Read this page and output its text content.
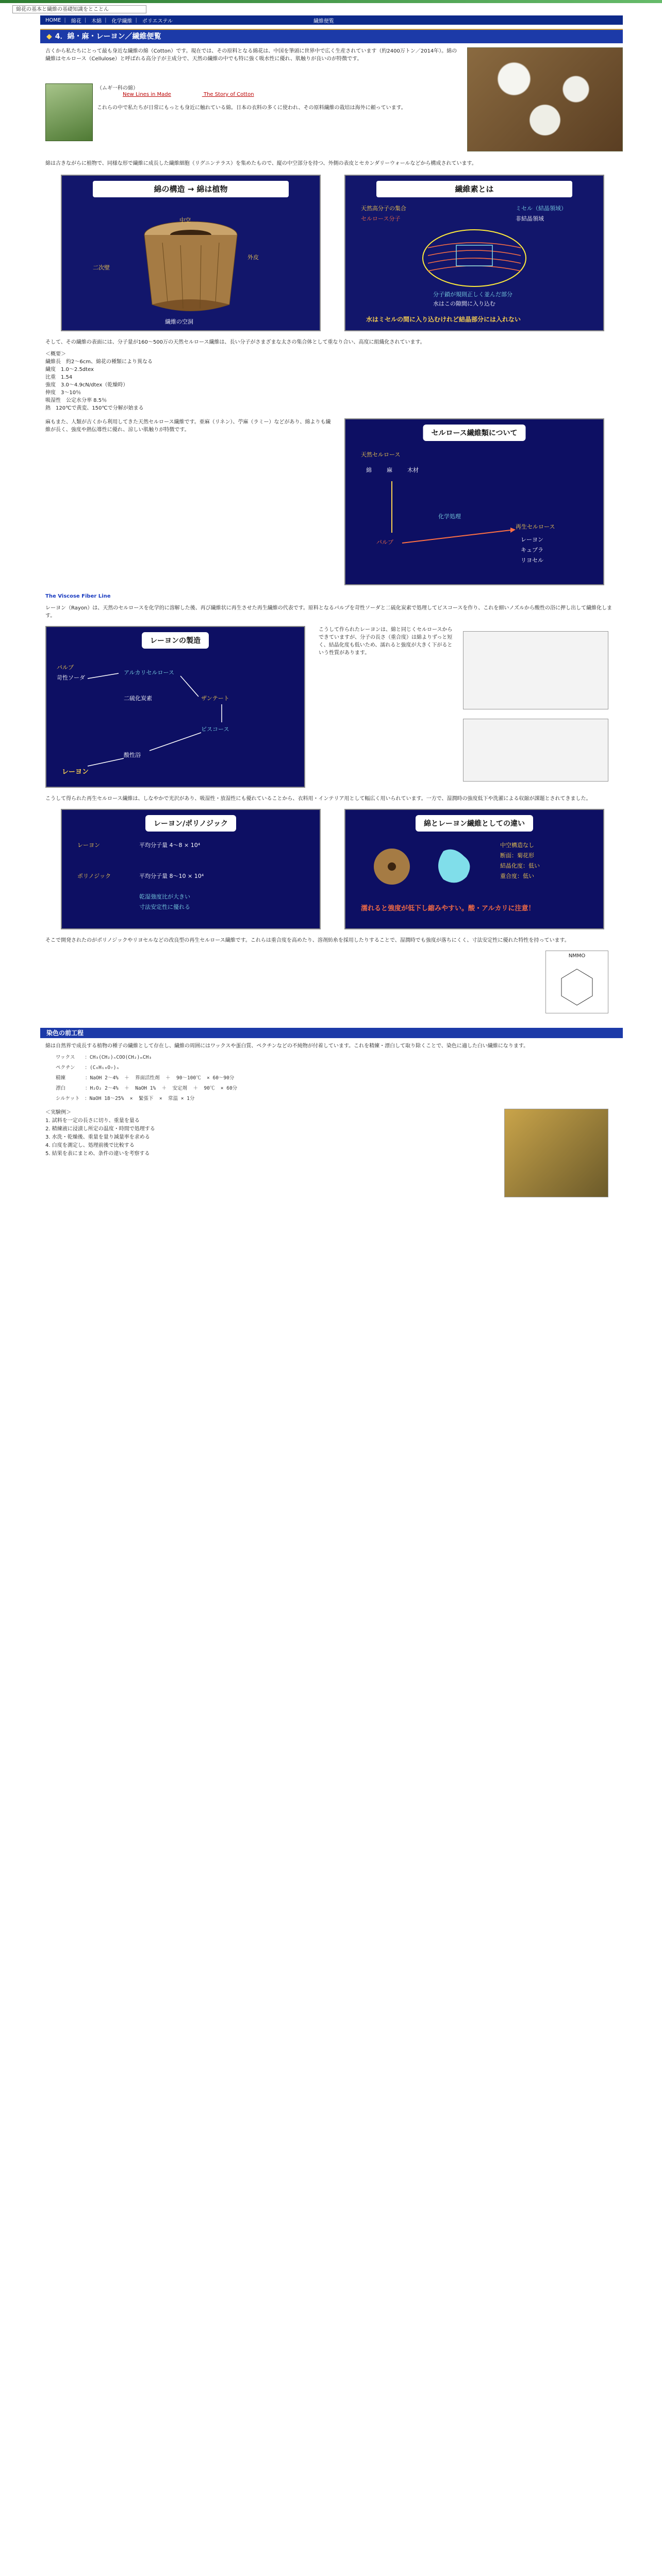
綿花の基本と繊維の基礎知識をとことん
HOME | 綿花 | 木綿 | 化学繊維 | ポリエステル	繊維便覧
◆ 4．綿・麻・レーヨン／繊維便覧
古くから私たちにとって最も身近な繊維の綿（Cotton）です。現在では、その原料となる綿花は、中国を筆頭に世界中で広く生産されています（約2400万トン／2014年）。綿の繊維はセルロース（Cellulose）と呼ばれる高分子が主成分で、天然の繊維の中でも特に強く吸水性に優れ、肌触りが良いのが特徴です。
（ムギ一科の綿）
New Lines in Made	The Story of Cotton
これらの中で私たちが日常にもっとも身近に触れている綿。日本の衣料の多くに使われ、その原料繊維の栽培は海外に頼っています。
綿は古きながらに植物で、同様な形で繊維に成長した繊維細胞（リグニンテラス）を集めたもので、縦の中空部分を持つ、外側の表皮とセカンダリーウォールなどから構成されています。
綿の構造 → 綿は植物
中空
外皮
二次壁
繊維の空洞
繊維素とは
天然高分子の集合
セルロース分子
ミセル（結晶領域）
非結晶領域
分子鎖が規則正しく並んだ部分
水はこの隙間に入り込む
水はミセルの間に入り込むけれど結晶部分には入れない
そして、その繊維の表面には、分子量が160～500万の天然セルロース繊維は、長い分子がさまざまな太さの集合体として重なり合い、高度に組織化されています。
＜概要＞
繊維長　約2～6cm、綿花の種類により異なる
繊度　1.0～2.5dtex
比重　1.54
強度　3.0～4.9cN/dtex（乾燥時）
伸度　3～10％
吸湿性　公定水分率 8.5％
熱　120℃で黄変、150℃で分解が始まる
麻もまた、人類が古くから利用してきた天然セルロース繊維です。亜麻（リネン）、苧麻（ラミー）などがあり、綿よりも繊維が長く、強度や熱伝導性に優れ、涼しい肌触りが特徴です。	セルロース繊維類について
天然セルロース
綿	麻	木材
パルプ
化学処理
再生セルロース
レーヨン
キュプラ
リヨセル
The Viscose Fiber Line
レーヨン（Rayon）は、天然のセルロースを化学的に溶解した後、再び繊維状に再生させた再生繊維の代表です。原料となるパルプを苛性ソーダと二硫化炭素で処理してビスコースを作り、これを細いノズルから酸性の浴に押し出して繊維化します。
レーヨンの製造
パルプ
苛性ソーダ
アルカリセルロース
二硫化炭素	ザンテート
ビスコース
酸性浴
レーヨン
こうして作られたレーヨンは、綿と同じくセルロースからできていますが、分子の長さ（重合度）は綿よりずっと短く、結晶化度も低いため、濡れると強度が大きく下がるという性質があります。
こうして得られた再生セルロース繊維は、しなやかで光沢があり、吸湿性・放湿性にも優れていることから、衣料用・インテリア用として幅広く用いられています。一方で、湿潤時の強度低下や洗濯による収縮が課題とされてきました。
レーヨン/ポリノジック
レーヨン	平均分子量 4～8 × 10⁴
ポリノジック	平均分子量 8～10 × 10⁴
乾湿強度比が大きい
寸法安定性に優れる
綿とレーヨン繊維としての違い
中空構造なし
断面：菊花形
結晶化度：低い
重合度：低い
濡れると強度が低下し縮みやすい。酸・アルカリに注意！
そこで開発されたのがポリノジックやリヨセルなどの改良型の再生セルロース繊維です。これらは重合度を高めたり、溶剤紡糸を採用したりすることで、湿潤時でも強度が落ちにくく、寸法安定性に優れた特性を持っています。
NMMO
染色の前工程
綿は自然界で成長する植物の種子の繊維として存在し、繊維の周囲にはワックスや蛋白質、ペクチンなどの不純物が付着しています。これを精練・漂白して取り除くことで、染色に適した白い繊維になります。
ワックス　　：CH₃(CH₂)ₙCOO(CH₂)ₘCH₃
ペクチン　　：(C₆H₁₀O₇)ₙ
精練　　　　：NaOH 2～4%  ＋  界面活性剤  ＋  90～100℃  × 60～90分
漂白　　　　：H₂O₂ 2～4%  ＋  NaOH 1%  ＋  安定剤  ＋  90℃  × 60分
シルケット　：NaOH 18～25%  ×  緊張下  ×  常温 × 1分
＜実験例＞
1. 試料を一定の長さに切り、重量を量る
2. 精練液に浸漬し所定の温度・時間で処理する
3. 水洗・乾燥後、重量を量り減量率を求める
4. 白度を測定し、処理前後で比較する
5. 結果を表にまとめ、条件の違いを考察する
